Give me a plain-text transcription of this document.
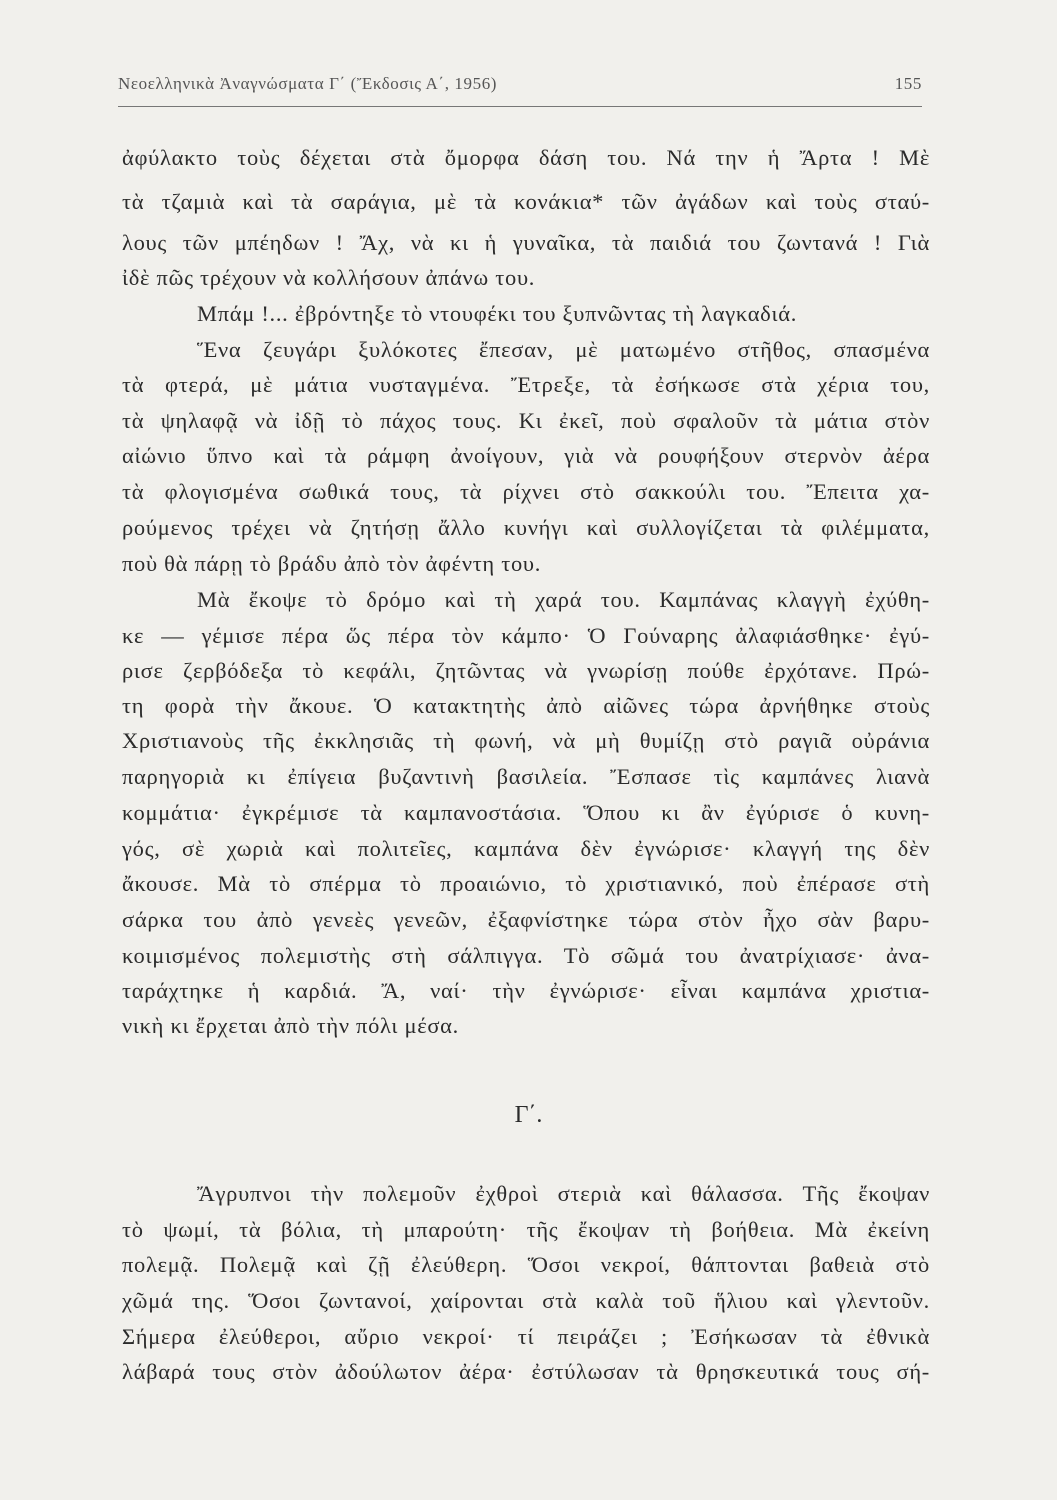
Νεοελληνικὰ Ἀναγνώσματα Γ΄ (Ἔκδοσις Α΄, 1956)	155
ἀφύλακτο τοὺς δέχεται στὰ ὄμορφα δάση του. Νά την ἡ Ἄρτα ! Μὲ
τὰ τζαμιὰ καὶ τὰ σαράγια, μὲ τὰ κονάκια* τῶν ἀγάδων καὶ τοὺς σταύ-
λους τῶν μπέηδων ! Ἄχ, νὰ κι ἡ γυναῖκα, τὰ παιδιά του ζωντανά ! Γιὰ
ἰδὲ πῶς τρέχουν νὰ κολλήσουν ἀπάνω του.
Μπάμ !... ἐβρόντηξε τὸ ντουφέκι του ξυπνῶντας τὴ λαγκαδιά.
Ἕνα ζευγάρι ξυλόκοτες ἔπεσαν, μὲ ματωμένο στῆθος, σπασμένα
τὰ φτερά, μὲ μάτια νυσταγμένα. Ἔτρεξε, τὰ ἐσήκωσε στὰ χέρια του,
τὰ ψηλαφᾷ νὰ ἰδῇ τὸ πάχος τους. Κι ἐκεῖ, ποὺ σφαλοῦν τὰ μάτια στὸν
αἰώνιο ὕπνο καὶ τὰ ράμφη ἀνοίγουν, γιὰ νὰ ρουφήξουν στερνὸν ἀέρα
τὰ φλογισμένα σωθικά τους, τὰ ρίχνει στὸ σακκούλι του. Ἔπειτα χα-
ρούμενος τρέχει νὰ ζητήσῃ ἄλλο κυνήγι καὶ συλλογίζεται τὰ φιλέμματα,
ποὺ θὰ πάρῃ τὸ βράδυ ἀπὸ τὸν ἀφέντη του.
Μὰ ἔκοψε τὸ δρόμο καὶ τὴ χαρά του. Καμπάνας κλαγγὴ ἐχύθη-
κε — γέμισε πέρα ὥς πέρα τὸν κάμπο· Ὁ Γούναρης ἀλαφιάσθηκε· ἐγύ-
ρισε ζερβόδεξα τὸ κεφάλι, ζητῶντας νὰ γνωρίσῃ πούθε ἐρχότανε. Πρώ-
τη φορὰ τὴν ἄκουε. Ὁ κατακτητὴς ἀπὸ αἰῶνες τώρα ἀρνήθηκε στοὺς
Χριστιανοὺς τῆς ἐκκλησιᾶς τὴ φωνή, νὰ μὴ θυμίζῃ στὸ ραγιᾶ οὐράνια
παρηγοριὰ κι ἐπίγεια βυζαντινὴ βασιλεία. Ἔσπασε τὶς καμπάνες λιανὰ
κομμάτια· ἐγκρέμισε τὰ καμπανοστάσια. Ὅπου κι ἂν ἐγύρισε ὁ κυνη-
γός, σὲ χωριὰ καὶ πολιτεῖες, καμπάνα δὲν ἐγνώρισε· κλαγγή της δὲν
ἄκουσε. Μὰ τὸ σπέρμα τὸ προαιώνιο, τὸ χριστιανικό, ποὺ ἐπέρασε στὴ
σάρκα του ἀπὸ γενεὲς γενεῶν, ἐξαφνίστηκε τώρα στὸν ἦχο σὰν βαρυ-
κοιμισμένος πολεμιστὴς στὴ σάλπιγγα. Τὸ σῶμά του ἀνατρίχιασε· ἀνα-
ταράχτηκε ἡ καρδιά. Ἄ, ναί· τὴν ἐγνώρισε· εἶναι καμπάνα χριστια-
νικὴ κι ἔρχεται ἀπὸ τὴν πόλι μέσα.
Γ΄.
Ἄγρυπνοι τὴν πολεμοῦν ἐχθροὶ στεριὰ καὶ θάλασσα. Τῆς ἔκοψαν
τὸ ψωμί, τὰ βόλια, τὴ μπαρούτη· τῆς ἔκοψαν τὴ βοήθεια. Μὰ ἐκείνη
πολεμᾷ. Πολεμᾷ καὶ ζῇ ἐλεύθερη. Ὅσοι νεκροί, θάπτονται βαθειὰ στὸ
χῶμά της. Ὅσοι ζωντανοί, χαίρονται στὰ καλὰ τοῦ ἥλιου καὶ γλεντοῦν.
Σήμερα ἐλεύθεροι, αὔριο νεκροί· τί πειράζει ; Ἐσήκωσαν τὰ ἐθνικὰ
λάβαρά τους στὸν ἀδούλωτον ἀέρα· ἐστύλωσαν τὰ θρησκευτικά τους σή-
